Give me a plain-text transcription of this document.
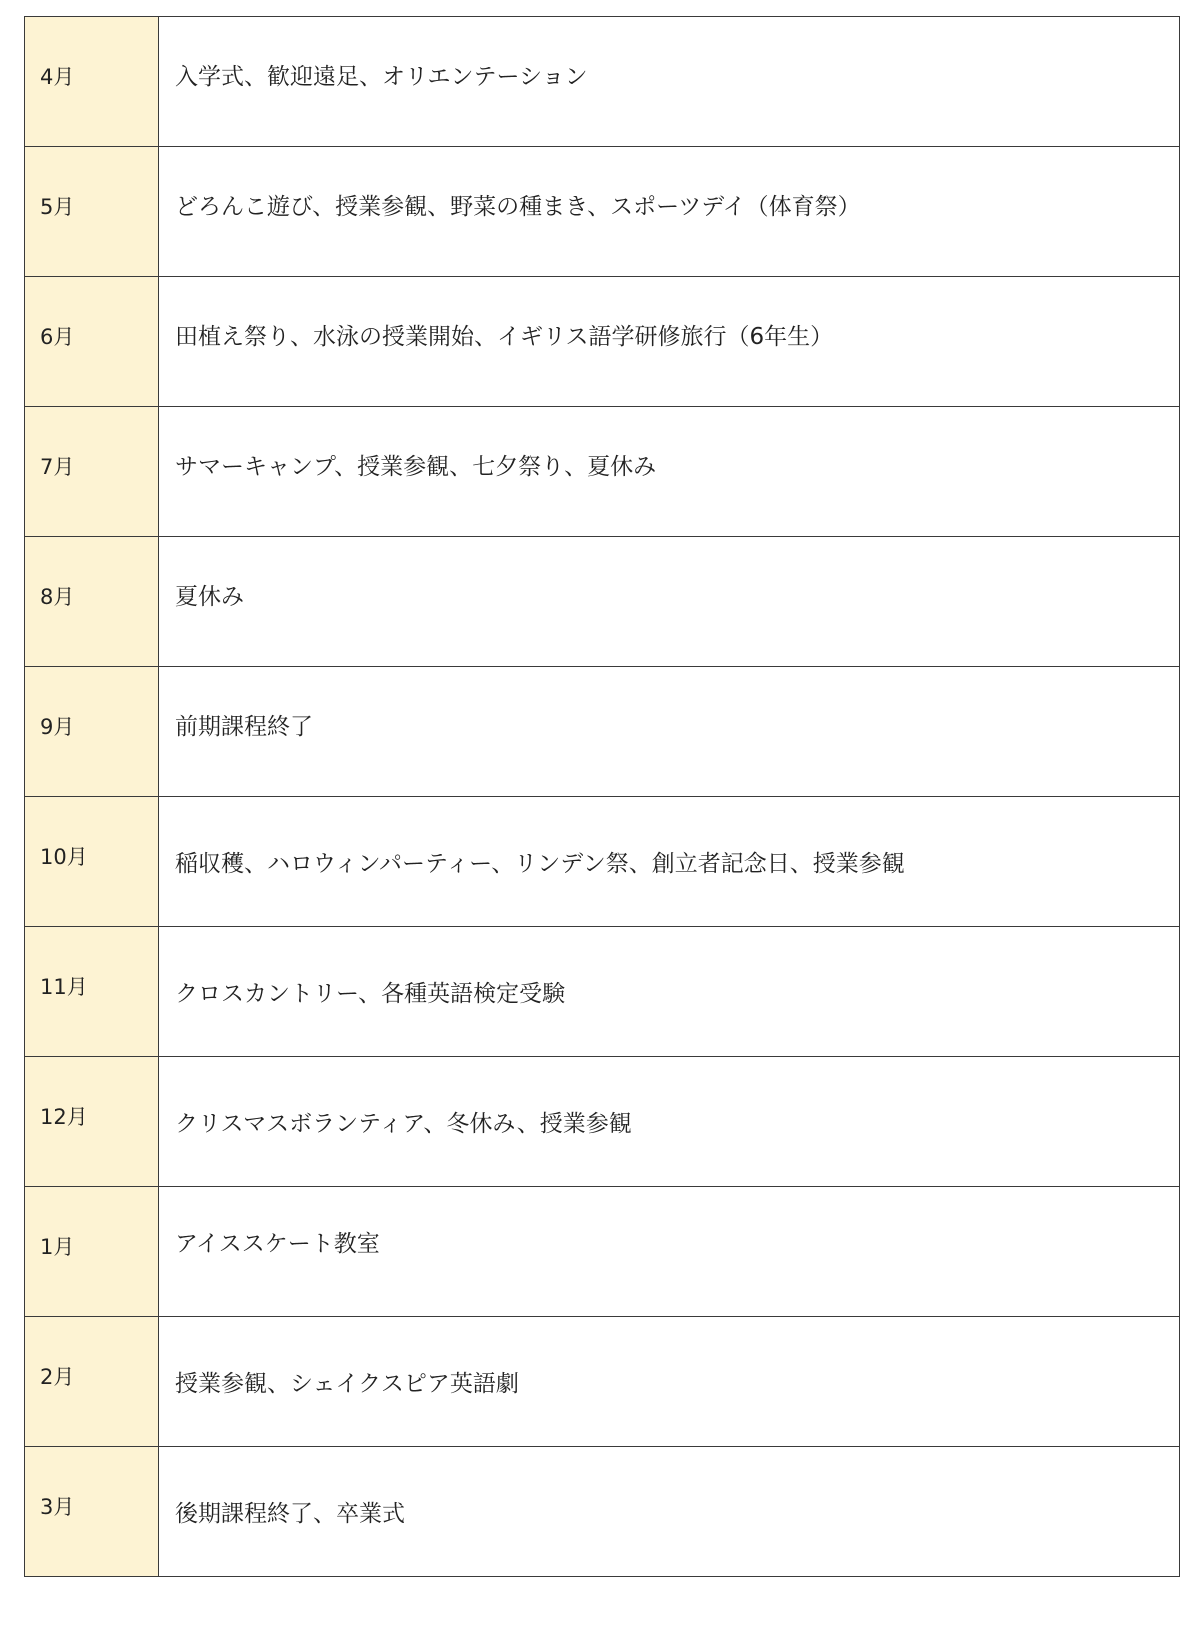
4月	入学式、歓迎遠足、オリエンテーション

5月	どろんこ遊び、授業参観、野菜の種まき、スポーツデイ（体育祭）

6月	田植え祭り、水泳の授業開始、イギリス語学研修旅行（6年生）

7月	サマーキャンプ、授業参観、七夕祭り、夏休み

8月	夏休み

9月	前期課程終了

10月	稲収穫、ハロウィンパーティー、リンデン祭、創立者記念日、授業参観

11月	クロスカントリー、各種英語検定受験

12月	クリスマスボランティア、冬休み、授業参観

1月	アイススケート教室

2月	授業参観、シェイクスピア英語劇

3月	後期課程終了、卒業式
